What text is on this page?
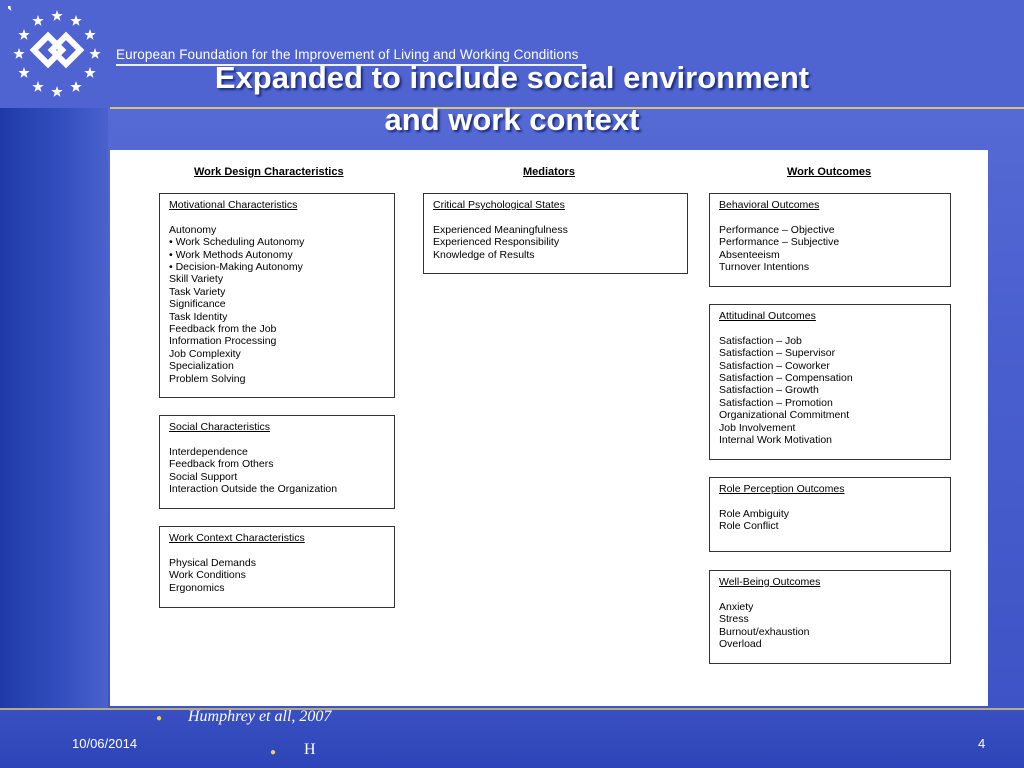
European Foundation for the Improvement of Living and Working Conditions
Expanded to include social environment
and work context
Work Design Characteristics	Mediators	Work Outcomes
Motivational Characteristics
Autonomy
• Work Scheduling Autonomy
• Work Methods Autonomy
• Decision-Making Autonomy
Skill Variety
Task Variety
Significance
Task Identity
Feedback from the Job
Information Processing
Job Complexity
Specialization
Problem Solving
Social Characteristics
Interdependence
Feedback from Others
Social Support
Interaction Outside the Organization
Work Context Characteristics
Physical Demands
Work Conditions
Ergonomics
Critical Psychological States
Experienced Meaningfulness
Experienced Responsibility
Knowledge of Results
Behavioral Outcomes
Performance – Objective
Performance – Subjective
Absenteeism
Turnover Intentions
Attitudinal Outcomes
Satisfaction – Job
Satisfaction – Supervisor
Satisfaction – Coworker
Satisfaction – Compensation
Satisfaction – Growth
Satisfaction – Promotion
Organizational Commitment
Job Involvement
Internal Work Motivation
Role Perception Outcomes
Role Ambiguity
Role Conflict
Well-Being Outcomes
Anxiety
Stress
Burnout/exhaustion
Overload
● Humphrey et all, 2007
10/06/2014
● H	4
